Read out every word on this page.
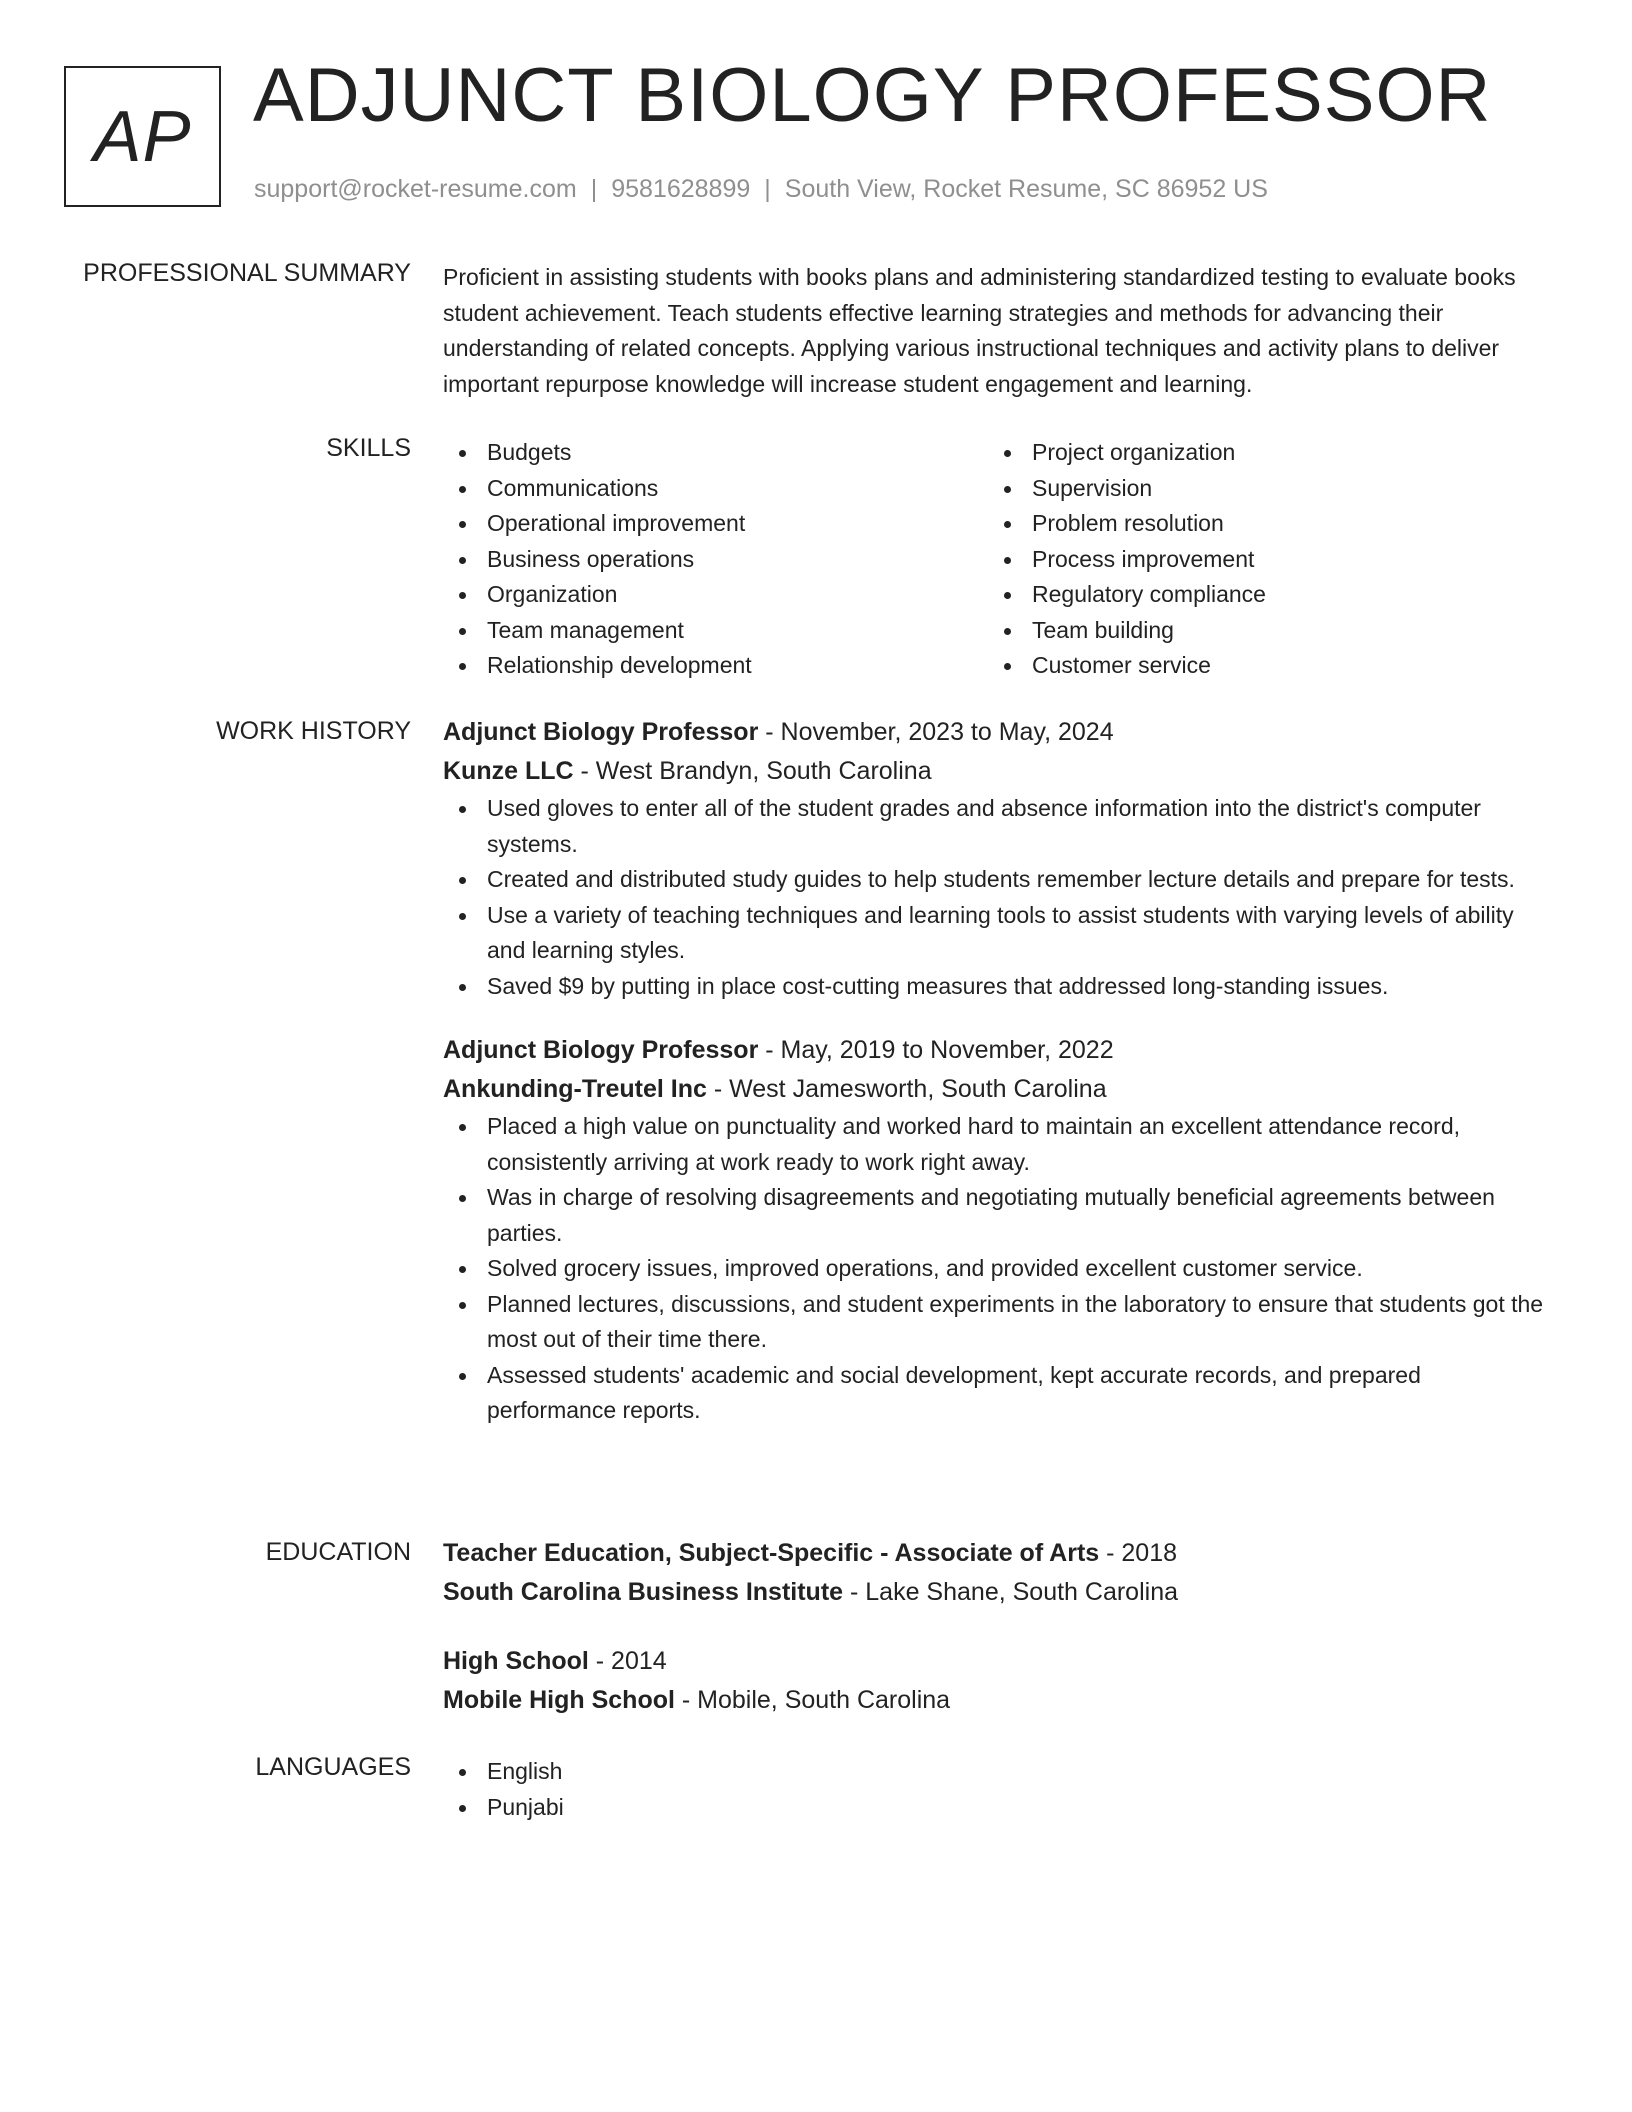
AP ADJUNCT BIOLOGY PROFESSOR
support@rocket-resume.com | 9581628899 | South View, Rocket Resume, SC 86952 US
PROFESSIONAL SUMMARY Proficient in assisting students with books plans and administering standardized testing to evaluate books student achievement. Teach students effective learning strategies and methods for advancing their understanding of related concepts. Applying various instructional techniques and activity plans to deliver important repurpose knowledge will increase student engagement and learning.
SKILLS	Budgets
Communications
Operational improvement
Business operations
Organization
Team management
Relationship development
Project organization
Supervision
Problem resolution
Process improvement
Regulatory compliance
Team building
Customer service
WORK HISTORY Adjunct Biology Professor - November, 2023 to May, 2024
Kunze LLC - West Brandyn, South Carolina
Used gloves to enter all of the student grades and absence information into the district's computer systems.
Created and distributed study guides to help students remember lecture details and prepare for tests.
Use a variety of teaching techniques and learning tools to assist students with varying levels of ability and learning styles.
Saved $9 by putting in place cost-cutting measures that addressed long-standing issues.
Adjunct Biology Professor - May, 2019 to November, 2022
Ankunding-Treutel Inc - West Jamesworth, South Carolina
Placed a high value on punctuality and worked hard to maintain an excellent attendance record, consistently arriving at work ready to work right away.
Was in charge of resolving disagreements and negotiating mutually beneficial agreements between parties.
Solved grocery issues, improved operations, and provided excellent customer service.
Planned lectures, discussions, and student experiments in the laboratory to ensure that students got the most out of their time there.
Assessed students' academic and social development, kept accurate records, and prepared performance reports.
EDUCATION Teacher Education, Subject-Specific - Associate of Arts - 2018
South Carolina Business Institute - Lake Shane, South Carolina
High School - 2014
Mobile High School - Mobile, South Carolina
LANGUAGES	English
Punjabi
